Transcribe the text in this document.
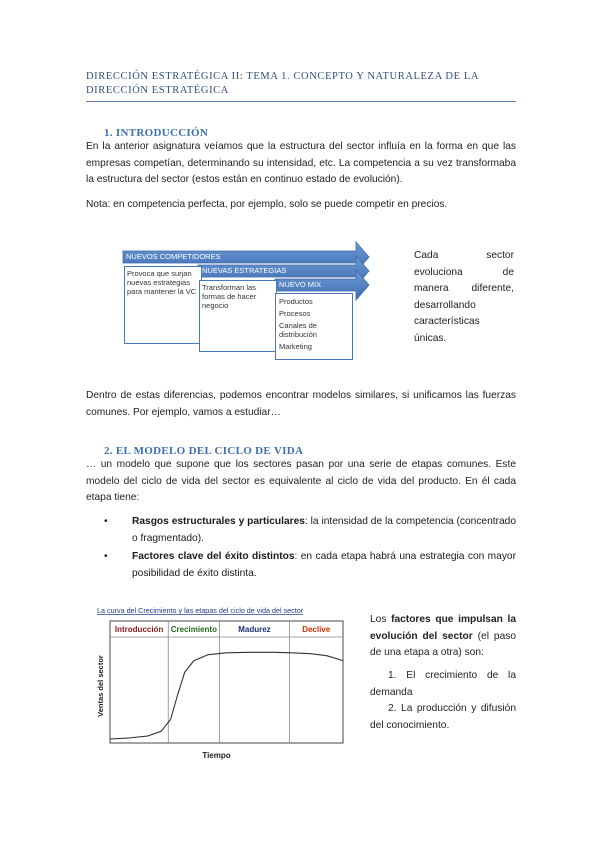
DIRECCIÓN ESTRATÉGICA II: TEMA 1. CONCEPTO Y NATURALEZA DE LA DIRECCIÓN ESTRATÉGICA
1. INTRODUCCIÓN
En la anterior asignatura veíamos que la estructura del sector influía en la forma en que las empresas competían, determinando su intensidad, etc. La competencia a su vez transformaba la estructura del sector (estos están en continuo estado de evolución).
Nota: en competencia perfecta, por ejemplo, solo se puede competir en precios.
NUEVOS COMPETIDORES
Provoca que surjan nuevas estrategias para mantener la VC
NUEVAS ESTRATEGIAS
Transforman las formas de hacer negocio
NUEVO MIX
Productos
Procesos
Canales de distribución
Marketing
Cada sector evoluciona de manera diferente, desarrollando características únicas.
Dentro de estas diferencias, podemos encontrar modelos similares, si unificamos las fuerzas comunes. Por ejemplo, vamos a estudiar…
2. EL MODELO DEL CICLO DE VIDA
… un modelo que supone que los sectores pasan por una serie de etapas comunes. Este modelo del ciclo de vida del sector es equivalente al ciclo de vida del producto. En él cada etapa tiene:
• Rasgos estructurales y particulares: la intensidad de la competencia (concentrado o fragmentado).
• Factores clave del éxito distintos: en cada etapa habrá una estrategia con mayor posibilidad de éxito distinta.
La curva del Crecimiento y las etapas del ciclo de vida del sector
Introducción Crecimiento	Madurez	Declive
Ventas del sector
Tiempo
Los factores que impulsan la evolución del sector (el paso de una etapa a otra) son:
1. El crecimiento de la demanda
2. La producción y difusión del conocimiento.
